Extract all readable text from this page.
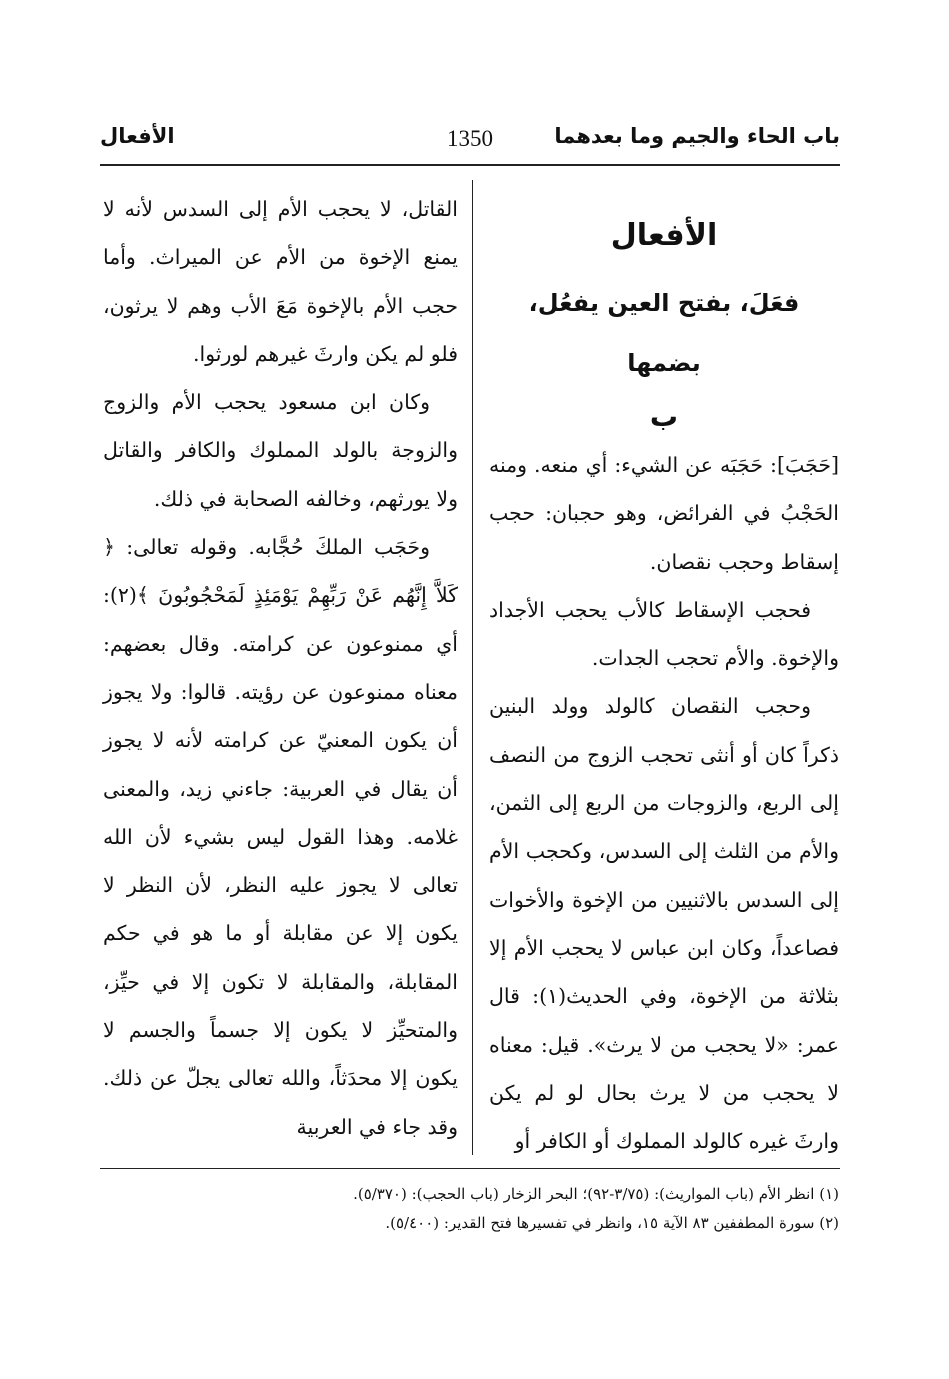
باب الحاء والجيم وما بعدهما
1350
الأفعال
الأفعال
فعَلَ، بفتح العين يفعُل، بضمها
ب

[حَجَبَ]: حَجَبَه عن الشيء: أي منعه. ومنه الحَجْبُ في الفرائض، وهو حجبان: حجب إسقاط وحجب نقصان.

فحجب الإسقاط كالأب يحجب الأجداد والإخوة. والأم تحجب الجدات.

وحجب النقصان كالولد وولد البنين ذكراً كان أو أنثى تحجب الزوج من النصف إلى الربع، والزوجات من الربع إلى الثمن، والأم من الثلث إلى السدس، وكحجب الأم إلى السدس بالاثنيين من الإخوة والأخوات فصاعداً، وكان ابن عباس لا يحجب الأم إلا بثلاثة من الإخوة، وفي الحديث(١): قال عمر: «لا يحجب من لا يرث». قيل: معناه لا يحجب من لا يرث بحال لو لم يكن وارثَ غيره كالولد المملوك أو الكافر أو

القاتل، لا يحجب الأم إلى السدس لأنه لا يمنع الإخوة من الأم عن الميراث. وأما حجب الأم بالإخوة مَعَ الأب وهم لا يرثون، فلو لم يكن وارثَ غيرهم لورثوا.

وكان ابن مسعود يحجب الأم والزوج والزوجة بالولد المملوك والكافر والقاتل ولا يورثهم، وخالفه الصحابة في ذلك.

وحَجَب الملكَ حُجَّابه. وقوله تعالى: ﴿ كَلاَّ إِنَّهُم عَنْ رَبِّهِمْ يَوْمَئِذٍ لَمَحْجُوبُونَ ﴾(٢): أي ممنوعون عن كرامته. وقال بعضهم: معناه ممنوعون عن رؤيته. قالوا: ولا يجوز أن يكون المعنيّ عن كرامته لأنه لا يجوز أن يقال في العربية: جاءني زيد، والمعنى غلامه. وهذا القول ليس بشيء لأن الله تعالى لا يجوز عليه النظر، لأن النظر لا يكون إلا عن مقابلة أو ما هو في حكم المقابلة، والمقابلة لا تكون إلا في حيِّز، والمتحيِّز لا يكون إلا جسماً والجسم لا يكون إلا محدَثاً، والله تعالى يجلّ عن ذلك. وقد جاء في العربية

(١) انظر الأم (باب المواريث): (٣/٧٥-٩٢)؛ البحر الزخار (باب الحجب): (٥/٣٧٠).

(٢) سورة المطففين ٨٣ الآية ١٥، وانظر في تفسيرها فتح القدير: (٥/٤٠٠).
